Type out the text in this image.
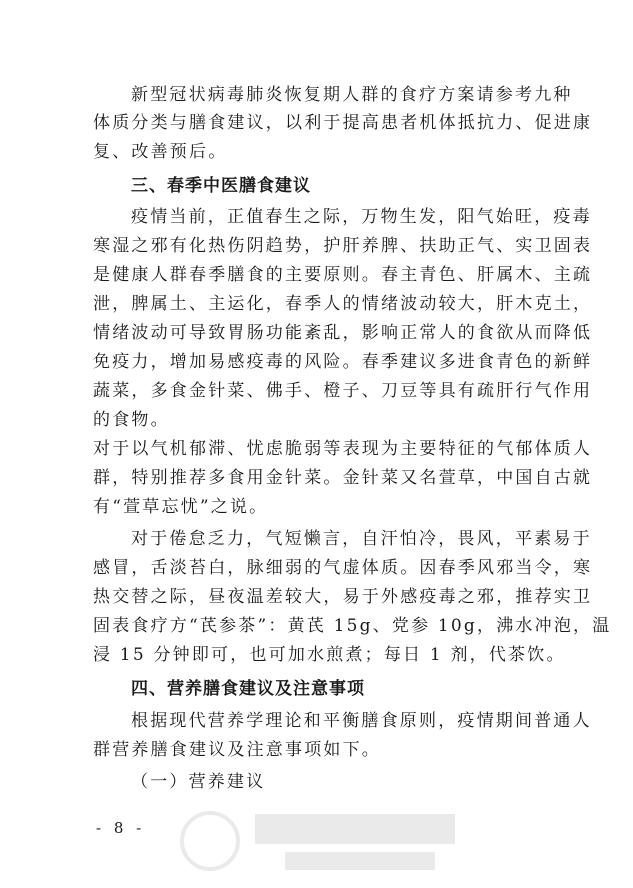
新型冠状病毒肺炎恢复期人群的食疗方案请参考九种
体质分类与膳食建议，以利于提高患者机体抵抗力、促进康
复、改善预后。
三、春季中医膳食建议
疫情当前，正值春生之际，万物生发，阳气始旺，疫毒
寒湿之邪有化热伤阴趋势，护肝养脾、扶助正气、实卫固表
是健康人群春季膳食的主要原则。春主青色、肝属木、主疏
泄，脾属土、主运化，春季人的情绪波动较大，肝木克土，
情绪波动可导致胃肠功能紊乱，影响正常人的食欲从而降低
免疫力，增加易感疫毒的风险。春季建议多进食青色的新鲜
蔬菜，多食金针菜、佛手、橙子、刀豆等具有疏肝行气作用
的食物。
对于以气机郁滞、忧虑脆弱等表现为主要特征的气郁体质人
群，特别推荐多食用金针菜。金针菜又名萱草，中国自古就
有“萱草忘忧”之说。
对于倦怠乏力，气短懒言，自汗怕冷，畏风，平素易于
感冒，舌淡苔白，脉细弱的气虚体质。因春季风邪当令，寒
热交替之际，昼夜温差较大，易于外感疫毒之邪，推荐实卫
固表食疗方“芪参茶”：黄芪 15g、党参 10g，沸水冲泡，温
浸 15 分钟即可，也可加水煎煮；每日 1 剂，代茶饮。
四、营养膳食建议及注意事项
根据现代营养学理论和平衡膳食原则，疫情期间普通人
群营养膳食建议及注意事项如下。
（一）营养建议
- 8 -
